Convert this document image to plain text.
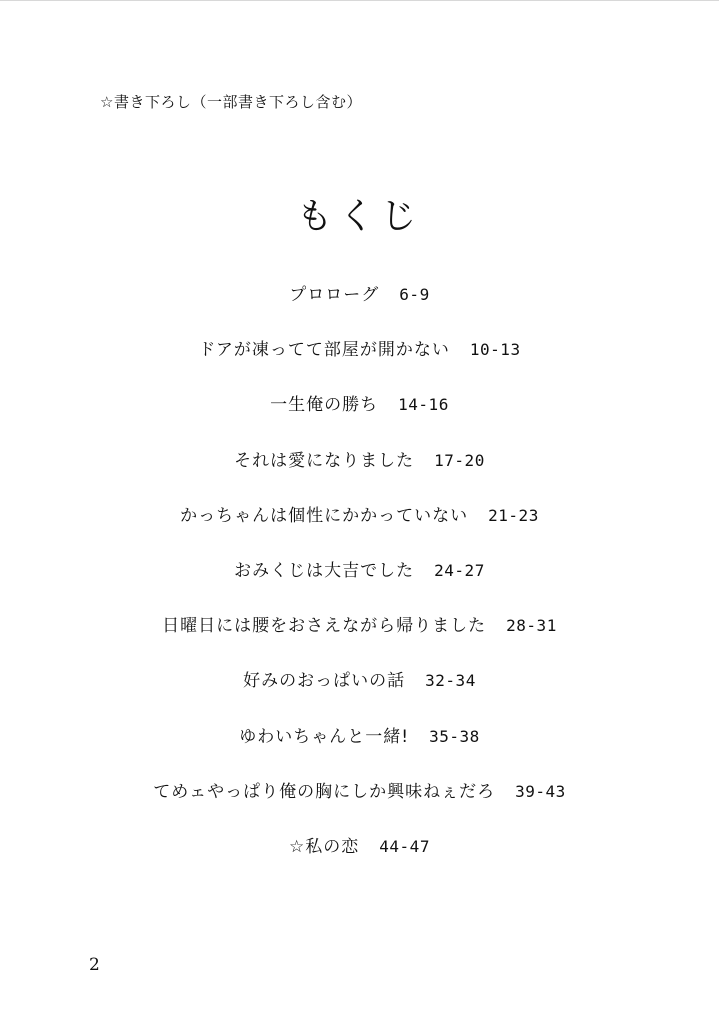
☆書き下ろし（一部書き下ろし含む）
もくじ
プロローグ 6-9
ドアが凍ってて部屋が開かない 10-13
一生俺の勝ち 14-16
それは愛になりました 17-20
かっちゃんは個性にかかっていない 21-23
おみくじは大吉でした 24-27
日曜日には腰をおさえながら帰りました 28-31
好みのおっぱいの話 32-34
ゆわいちゃんと一緒! 35-38
てめェやっぱり俺の胸にしか興味ねぇだろ 39-43
☆私の恋 44-47
2
